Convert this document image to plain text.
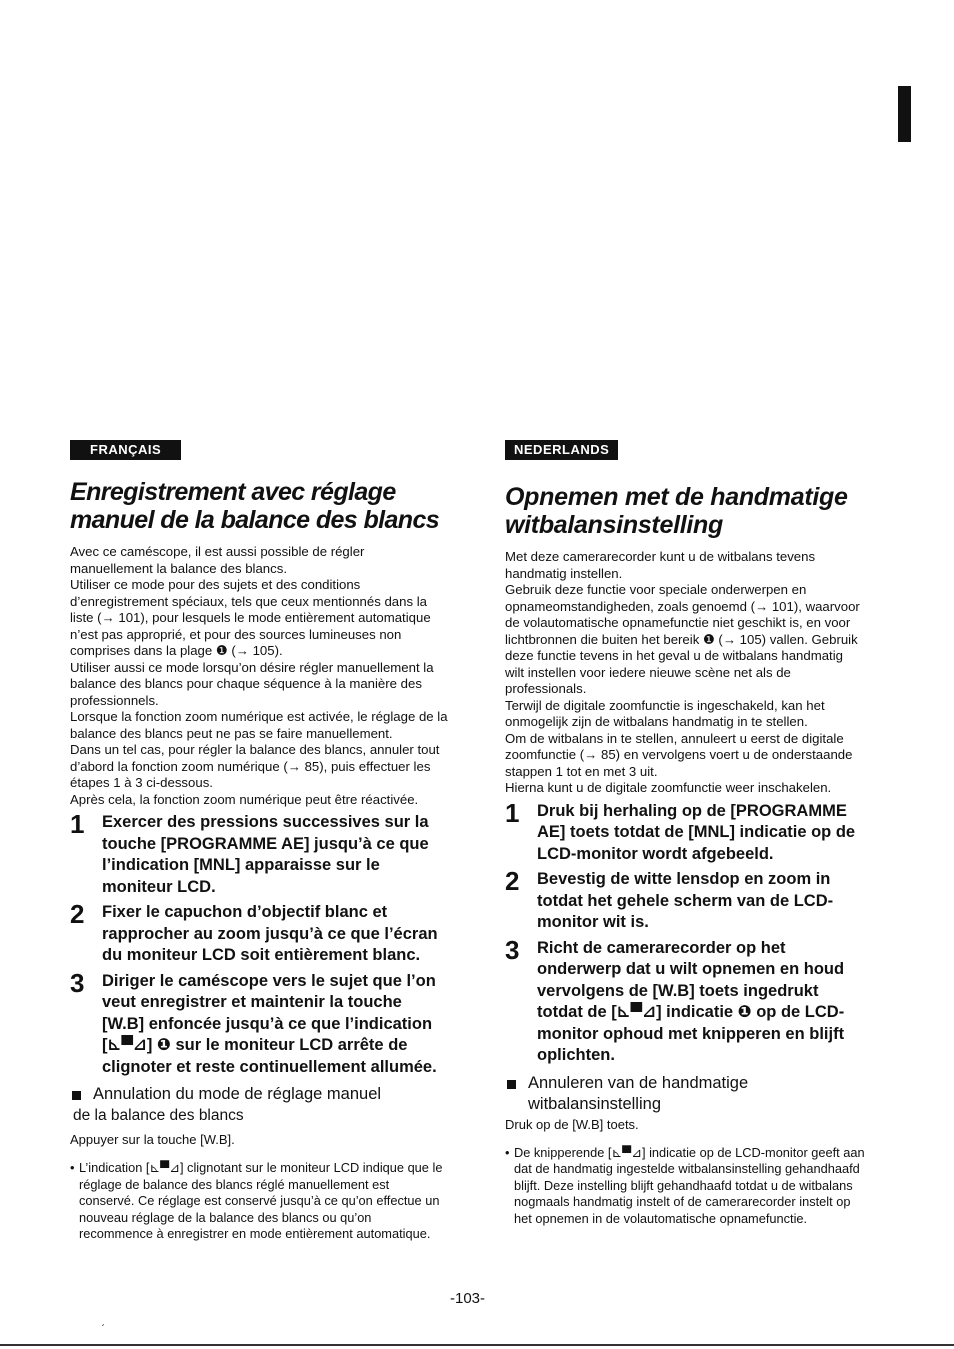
FRANÇAIS
Enregistrement avec réglage manuel de la balance des blancs

Avec ce caméscope, il est aussi possible de régler manuellement la balance des blancs.

Utiliser ce mode pour des sujets et des conditions d’enregistrement spéciaux, tels que ceux mentionnés dans la liste (→ 101), pour lesquels le mode entièrement automatique n’est pas approprié, et pour des sources lumineuses non comprises dans la plage ❶ (→ 105).

Utiliser aussi ce mode lorsqu’on désire régler manuellement la balance des blancs pour chaque séquence à la manière des professionnels.

Lorsque la fonction zoom numérique est activée, le réglage de la balance des blancs peut ne pas se faire manuellement.

Dans un tel cas, pour régler la balance des blancs, annuler tout d’abord la fonction zoom numérique (→ 85), puis effectuer les étapes 1 à 3 ci-dessous.

Après cela, la fonction zoom numérique peut être réactivée.

1	Exercer des pressions successives sur la touche [PROGRAMME AE] jusqu’à ce que l’indication [MNL] apparaisse sur le moniteur LCD.
2	Fixer le capuchon d’objectif blanc et rapprocher au zoom jusqu’à ce que l’écran du moniteur LCD soit entièrement blanc.
3	Diriger le caméscope vers le sujet que l’on veut enregistrer et maintenir la touche [W.B] enfoncée jusqu’à ce que l’indication [⊾▀⊿] ❶ sur le moniteur LCD arrête de clignoter et reste continuellement allumée.
Annulation du mode de réglage manuel
de la balance des blancs
Appuyer sur la touche [W.B].
• L’indication [⊾▀⊿] clignotant sur le moniteur LCD indique que le réglage de balance des blancs réglé manuellement est conservé. Ce réglage est conservé jusqu’à ce qu’on effectue un nouveau réglage de la balance des blancs ou qu’on recommence à enregistrer en mode entièrement automatique.
NEDERLANDS
Opnemen met de handmatige witbalansinstelling

Met deze camerarecorder kunt u de witbalans tevens handmatig instellen.

Gebruik deze functie voor speciale onderwerpen en opnameomstandigheden, zoals genoemd (→ 101), waarvoor de volautomatische opnamefunctie niet geschikt is, en voor lichtbronnen die buiten het bereik ❶ (→ 105) vallen. Gebruik deze functie tevens in het geval u de witbalans handmatig wilt instellen voor iedere nieuwe scène net als de professionals.

Terwijl de digitale zoomfunctie is ingeschakeld, kan het onmogelijk zijn de witbalans handmatig in te stellen.

Om de witbalans in te stellen, annuleert u eerst de digitale zoomfunctie (→ 85) en vervolgens voert u de onderstaande stappen 1 tot en met 3 uit.

Hierna kunt u de digitale zoomfunctie weer inschakelen.

1	Druk bij herhaling op de [PROGRAMME AE] toets totdat de [MNL] indicatie op de LCD-monitor wordt afgebeeld.
2	Bevestig de witte lensdop en zoom in totdat het gehele scherm van de LCD-monitor wit is.
3	Richt de camerarecorder op het onderwerp dat u wilt opnemen en houd vervolgens de [W.B] toets ingedrukt totdat de [⊾▀⊿] indicatie ❶ op de LCD-monitor ophoud met knipperen en blijft oplichten.
Annuleren van de handmatige
witbalansinstelling
Druk op de [W.B] toets.
• De knipperende [⊾▀⊿] indicatie op de LCD-monitor geeft aan dat de handmatig ingestelde witbalansinstelling gehandhaafd blijft. Deze instelling blijft gehandhaafd totdat u de witbalans nogmaals handmatig instelt of de camerarecorder instelt op het opnemen in de volautomatische opnamefunctie.
-103-
ˏ
